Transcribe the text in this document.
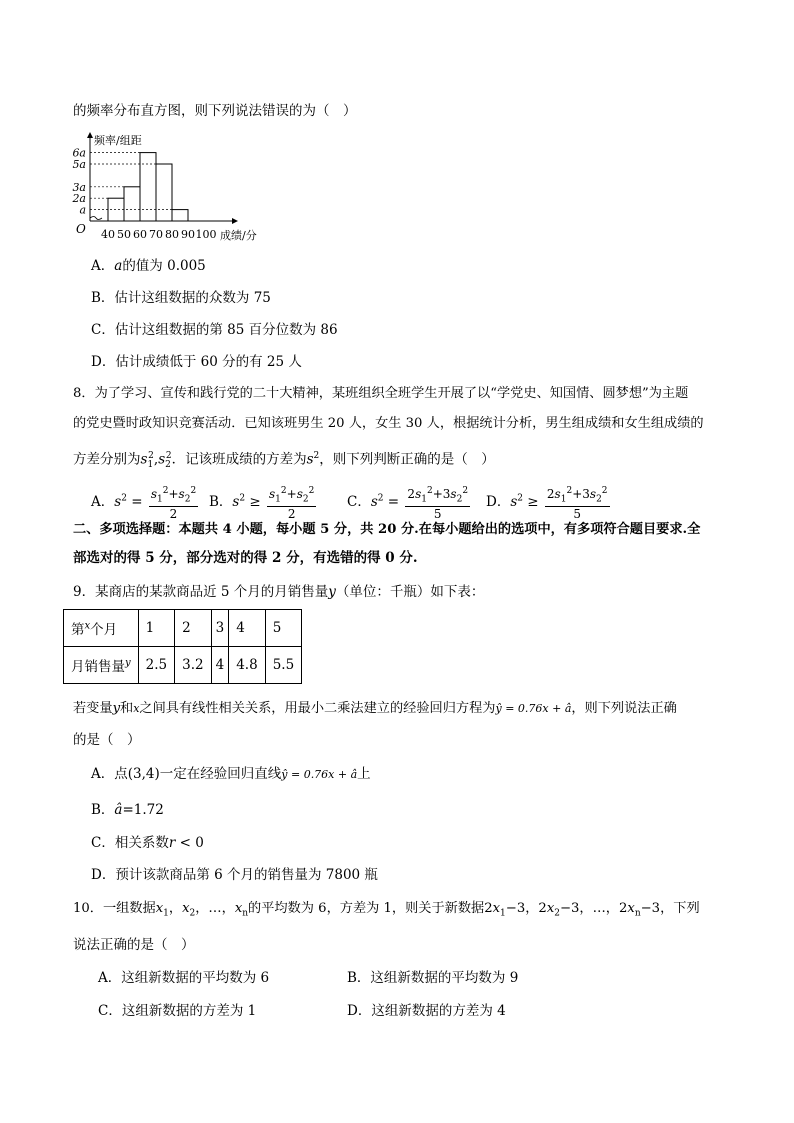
的频率分布直方图，则下列说法错误的为（　）
a
2a
3a
5a
6a
40 50 60 70 80 90 100
O
频率/组距
成绩/分
A．a的值为 0.005
B．估计这组数据的众数为 75
C．估计这组数据的第 85 百分位数为 86
D．估计成绩低于 60 分的有 25 人
8．为了学习、宣传和践行党的二十大精神，某班组织全班学生开展了以“学党史、知国情、圆梦想”为主题
的党史暨时政知识竞赛活动．已知该班男生 20 人，女生 30 人，根据统计分析，男生组成绩和女生组成绩的
方差分别为$s_1^2,s_2^2$．记该班成绩的方差为$s^2$，则下列判断正确的是（　）
A．$s^2 = \frac{s_1^2+s_2^2}{2}$ B．$s^2 \ge \frac{s_1^2+s_2^2}{2}$ C．$s^2 = \frac{2s_1^2+3s_2^2}{5}$ D．$s^2 \ge \frac{2s_1^2+3s_2^2}{5}$
二、多项选择题：本题共 4 小题，每小题 5 分，共 20 分.在每小题给出的选项中，有多项符合题目要求.全
部选对的得 5 分，部分选对的得 2 分，有选错的得 0 分.
9．某商店的某款商品近 5 个月的月销售量y（单位：千瓶）如下表：
第$^x$个月	1	2	3	4	5
月销售量$^y$	2.5	3.2	4	4.8	5.5
若变量y和x之间具有线性相关关系，用最小二乘法建立的经验回归方程为ŷ = 0.76x + â，则下列说法正确
的是（　）
A．点(3,4)一定在经验回归直线ŷ = 0.76x + â上
B．â=1.72
C．相关系数r < 0
D．预计该款商品第 6 个月的销售量为 7800 瓶
10．一组数据$x_1$，$x_2$，…，$x_n$的平均数为 6，方差为 1，则关于新数据$2x_1-3$，$2x_2-3$，…，$2x_n-3$，下列
说法正确的是（　）
A．这组新数据的平均数为 6	B．这组新数据的平均数为 9
C．这组新数据的方差为 1	D．这组新数据的方差为 4
